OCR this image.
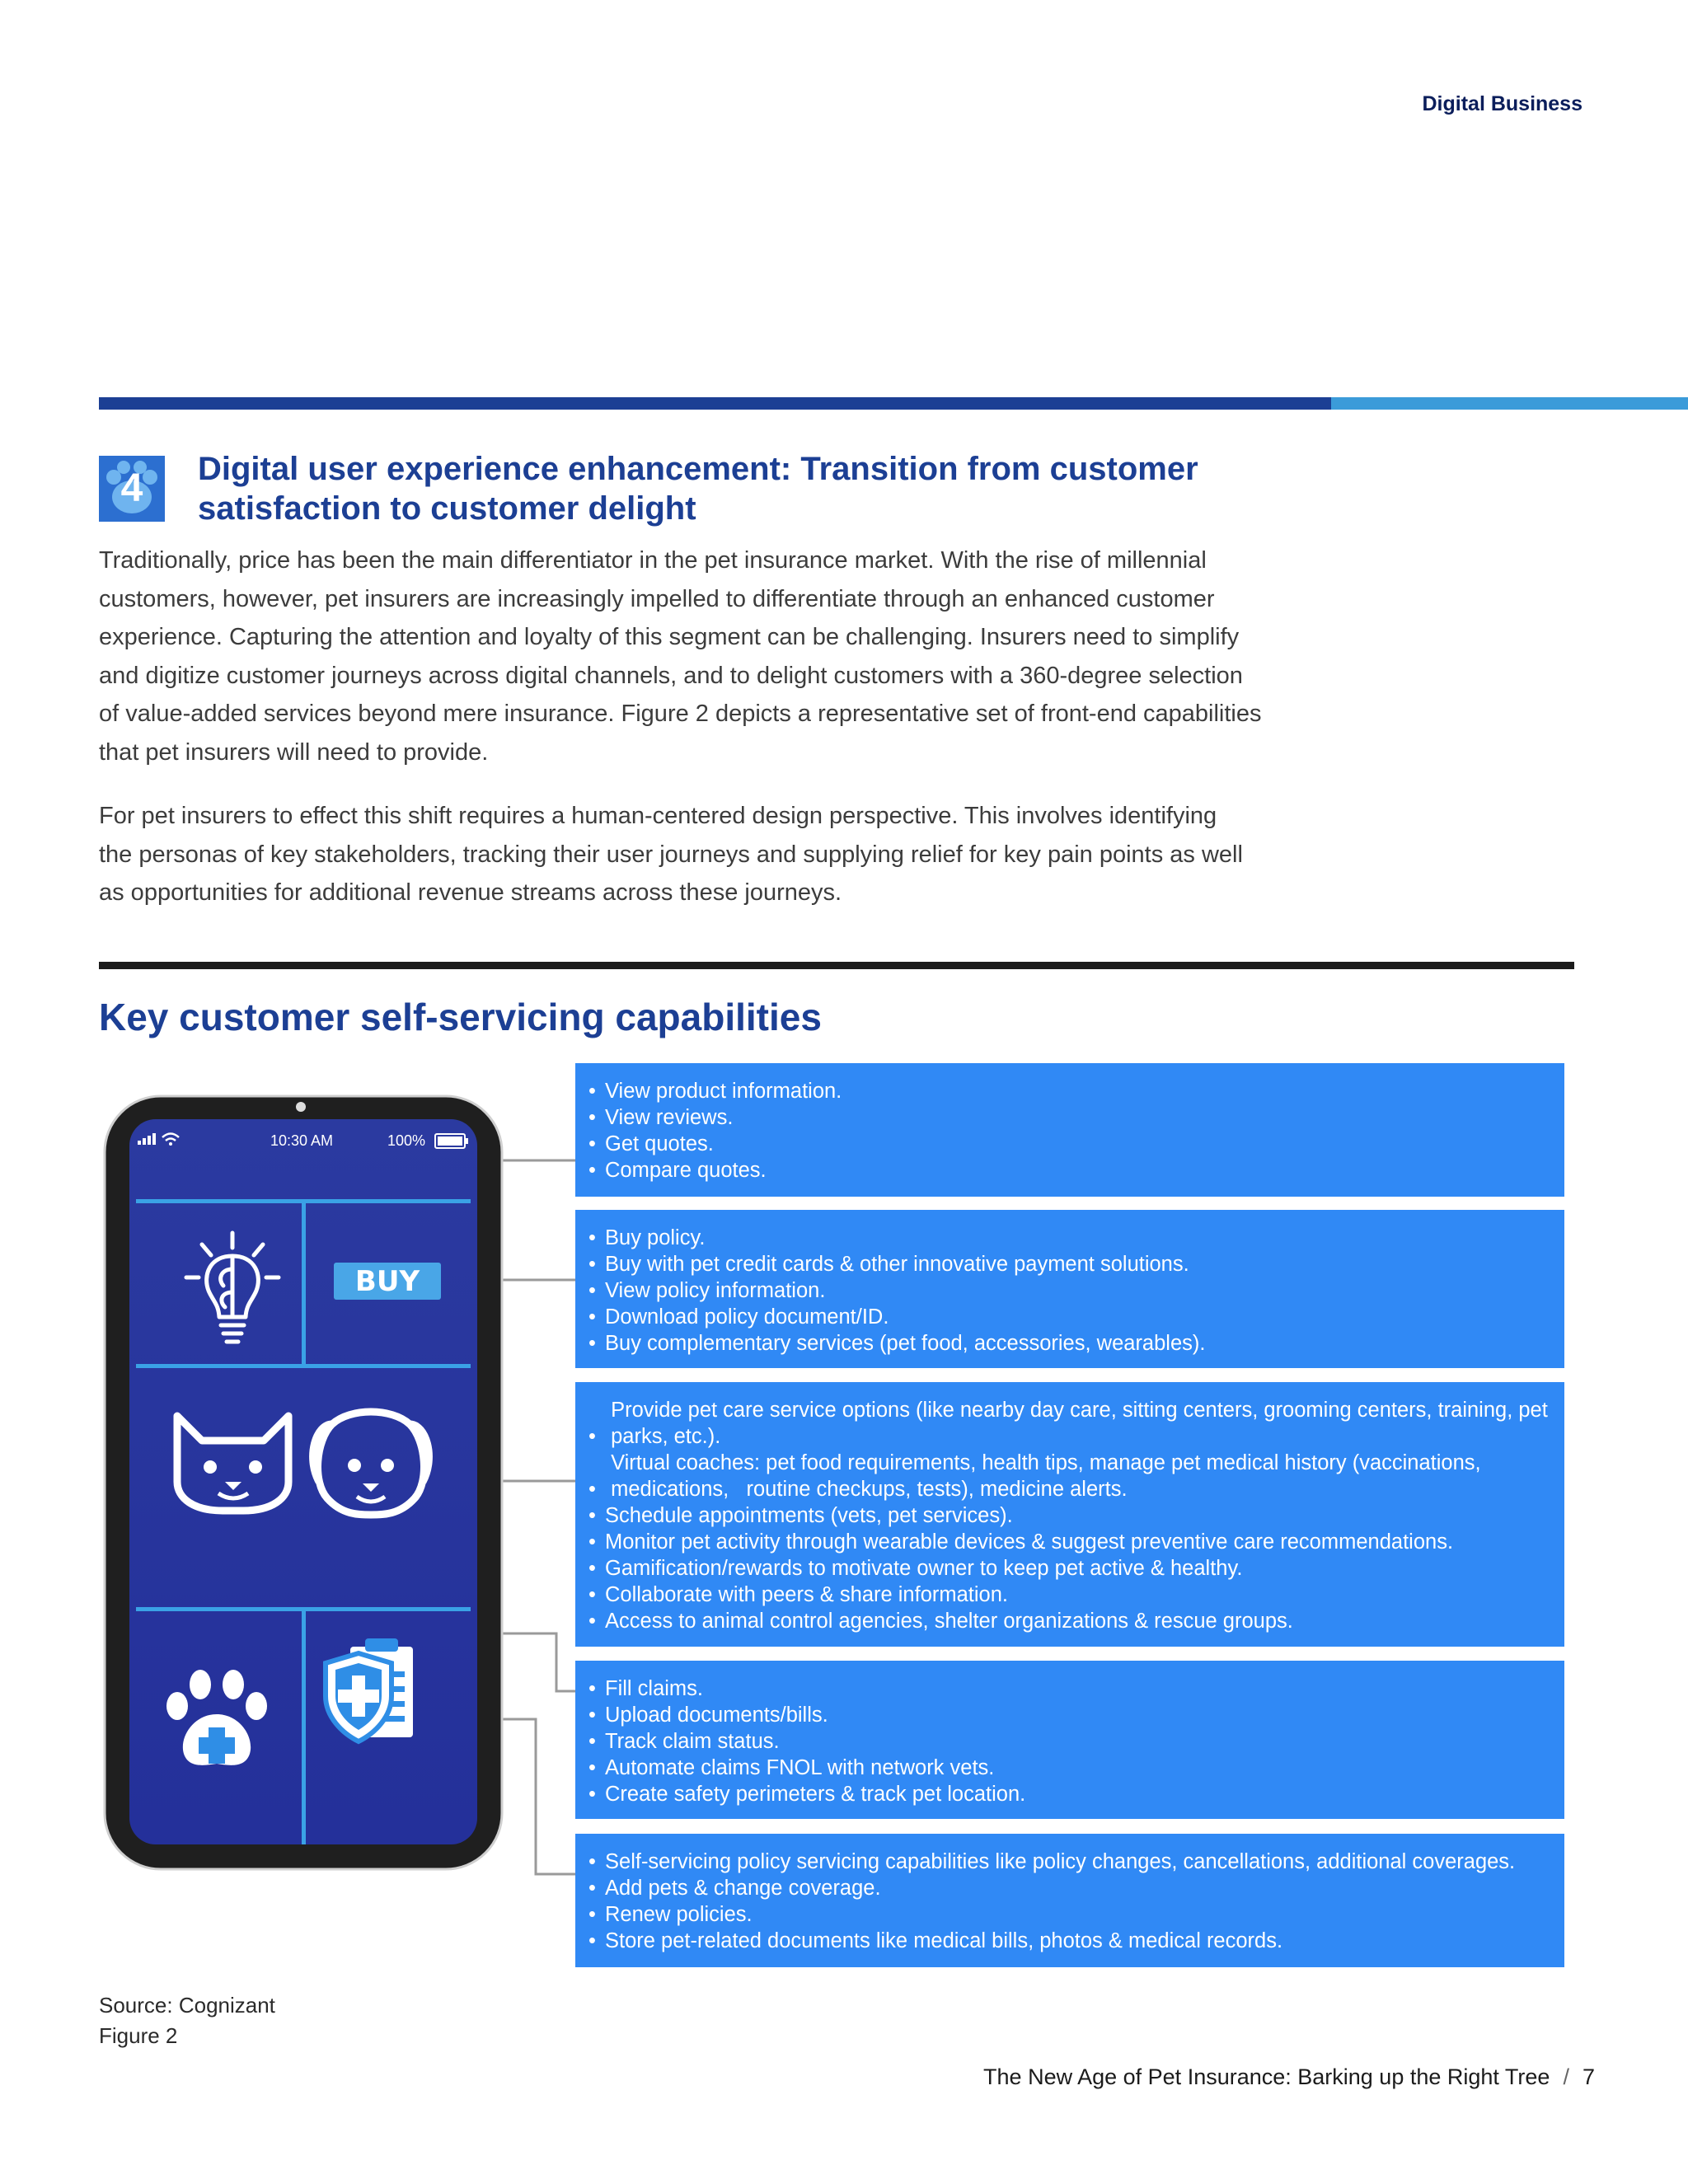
Digital Business
4	Digital user experience enhancement: Transition from customer
satisfaction to customer delight

Traditionally, price has been the main differentiator in the pet insurance market. With the rise of millennial
customers, however, pet insurers are increasingly impelled to differentiate through an enhanced customer
experience. Capturing the attention and loyalty of this segment can be challenging. Insurers need to simplify
and digitize customer journeys across digital channels, and to delight customers with a 360-degree selection
of value-added services beyond mere insurance. Figure 2 depicts a representative set of front-end capabilities
that pet insurers will need to provide.

For pet insurers to effect this shift requires a human-centered design perspective. This involves identifying
the personas of key stakeholders, tracking their user journeys and supplying relief for key pain points as well
as opportunities for additional revenue streams across these journeys.

Key customer self-servicing capabilities
• View product information.
• View reviews.
• Get quotes.
• Compare quotes.
• Buy policy.
• Buy with pet credit cards & other innovative payment solutions.
• View policy information.
• Download policy document/ID.
• Buy complementary services (pet food, accessories, wearables).
• Provide pet care service options (like nearby day care, sitting centers, grooming centers, training, pet parks, etc.).
• Virtual coaches: pet food requirements, health tips, manage pet medical history (vaccinations, medications,   routine checkups, tests), medicine alerts.
• Schedule appointments (vets, pet services).
• Monitor pet activity through wearable devices & suggest preventive care recommendations.
• Gamification/rewards to motivate owner to keep pet active & healthy.
• Collaborate with peers & share information.
• Access to animal control agencies, shelter organizations & rescue groups.
• Fill claims.
• Upload documents/bills.
• Track claim status.
• Automate claims FNOL with network vets.
• Create safety perimeters & track pet location.
• Self-servicing policy servicing capabilities like policy changes, cancellations, additional coverages.
• Add pets & change coverage.
• Renew policies.
• Store pet-related documents like medical bills, photos & medical records.
10:30 AM	100%
BUY
Source: Cognizant
Figure 2
The New Age of Pet Insurance: Barking up the Right Tree / 7
